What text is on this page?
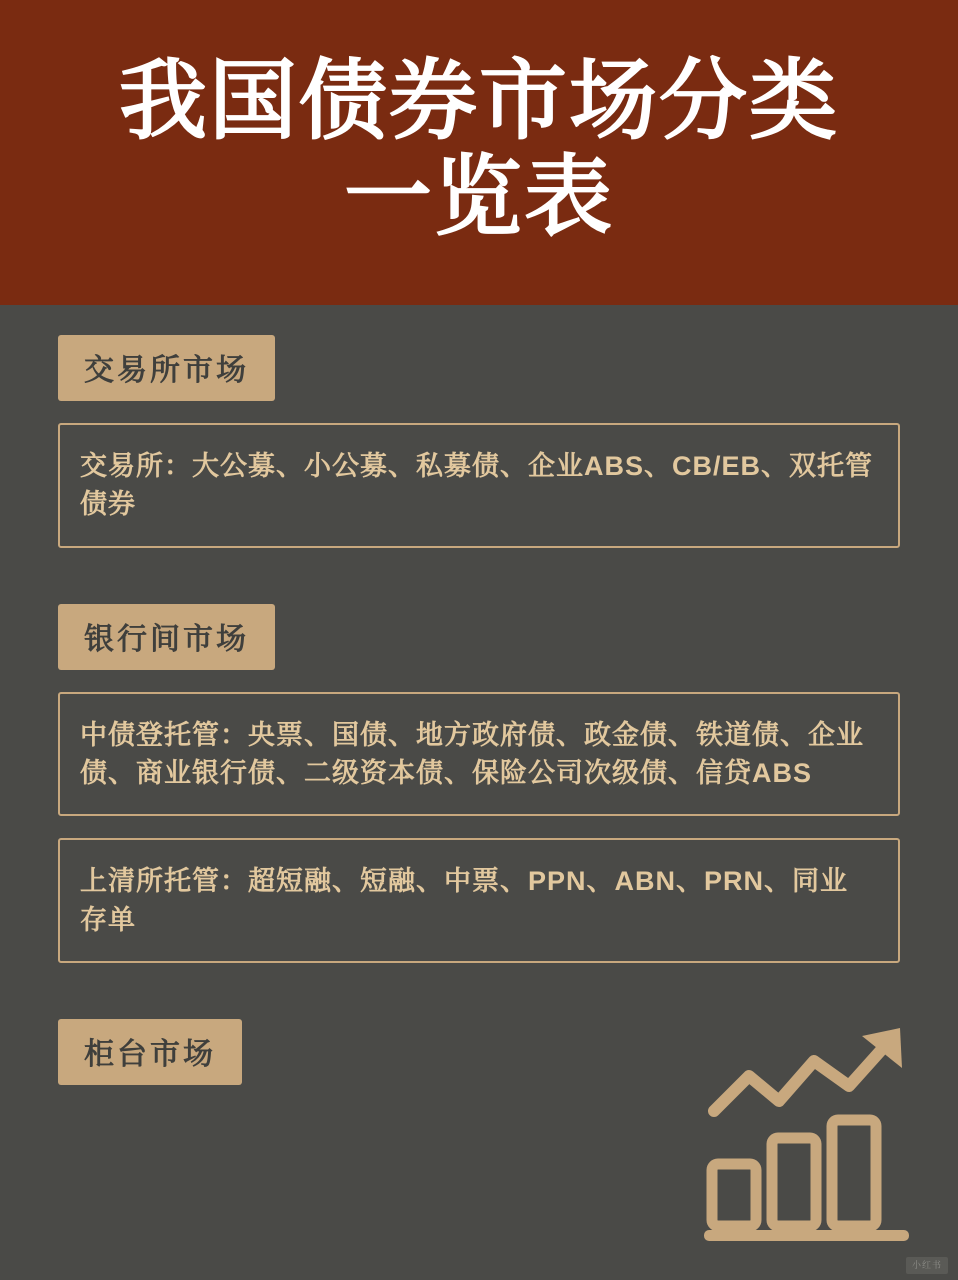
我国债券市场分类
一览表
交易所市场
交易所：大公募、小公募、私募债、企业ABS、CB/EB、双托管债券
银行间市场
中债登托管：央票、国债、地方政府债、政金债、铁道债、企业债、商业银行债、二级资本债、保险公司次级债、信贷ABS
上清所托管：超短融、短融、中票、PPN、ABN、PRN、同业存单
柜台市场
小红书
